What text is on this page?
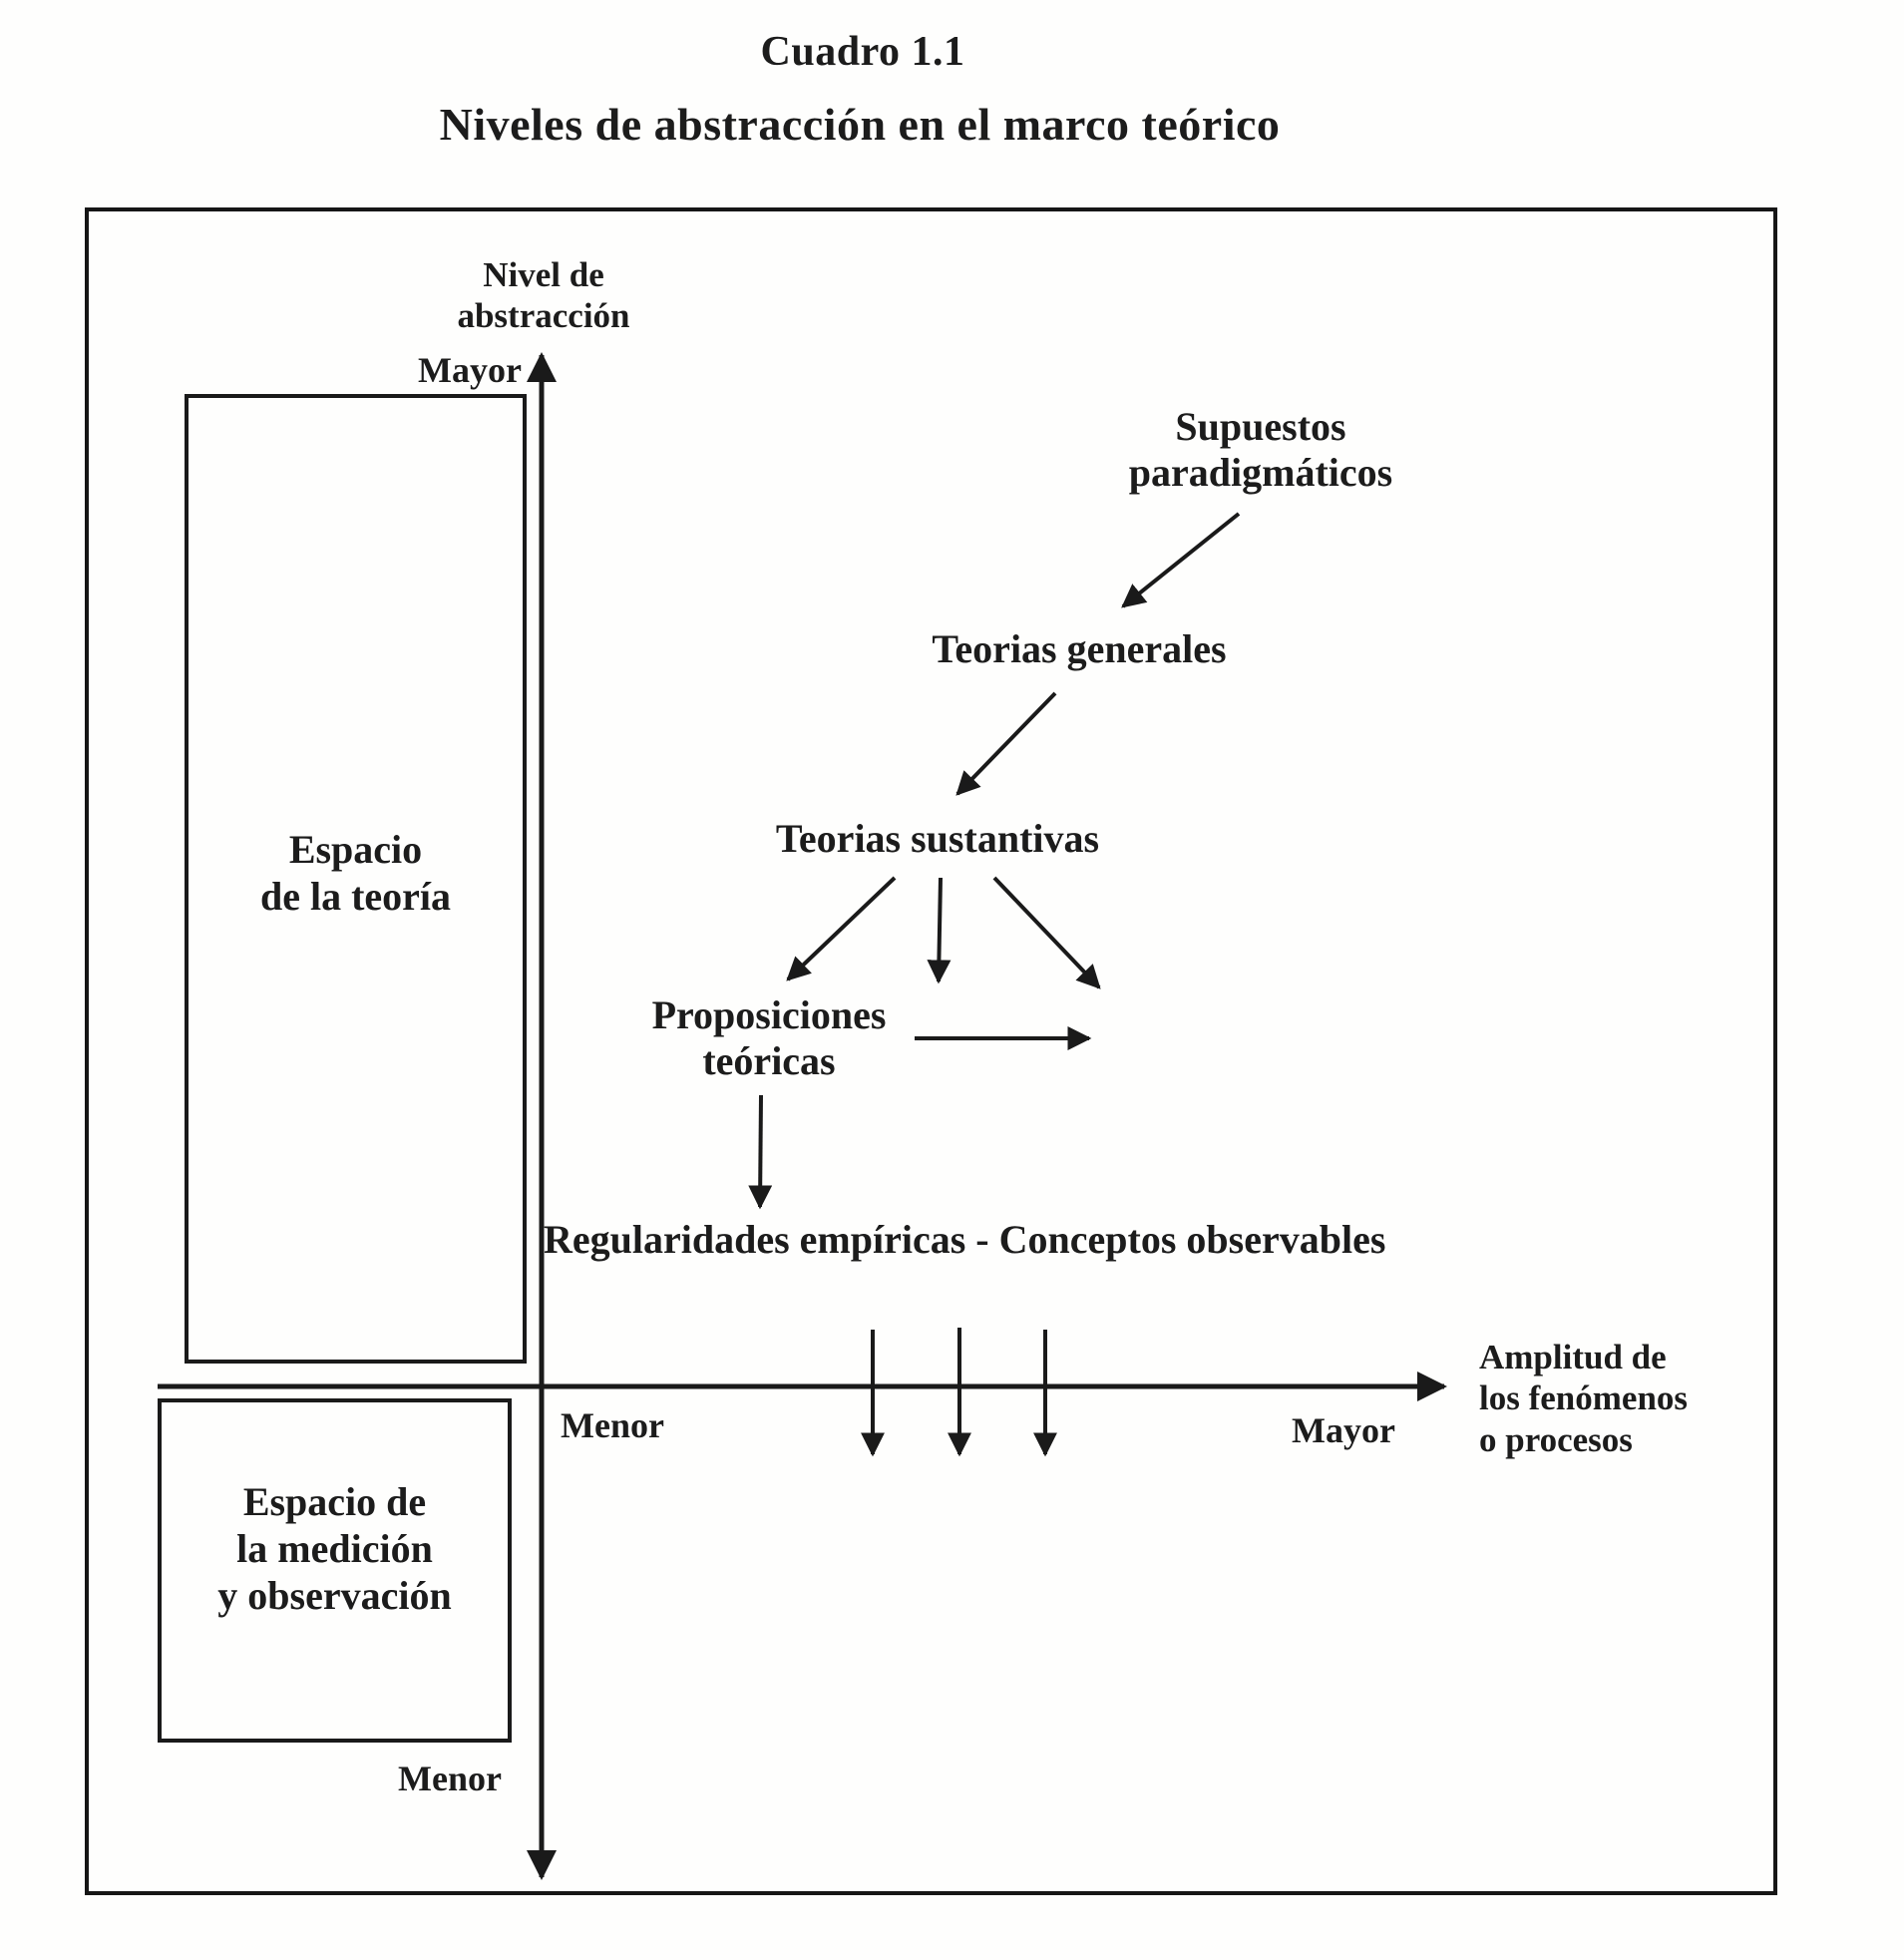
Cuadro 1.1
Niveles de abstracción en el marco teórico
Nivel de
abstracción
Mayor
Menor
Menor
Mayor
Amplitud de
los fenómenos
o procesos
Espacio
de la teoría
Espacio de
la medición
y observación
Supuestos
paradigmáticos
Teorias generales
Teorias sustantivas
Proposiciones
teóricas
Regularidades empíricas - Conceptos observables
